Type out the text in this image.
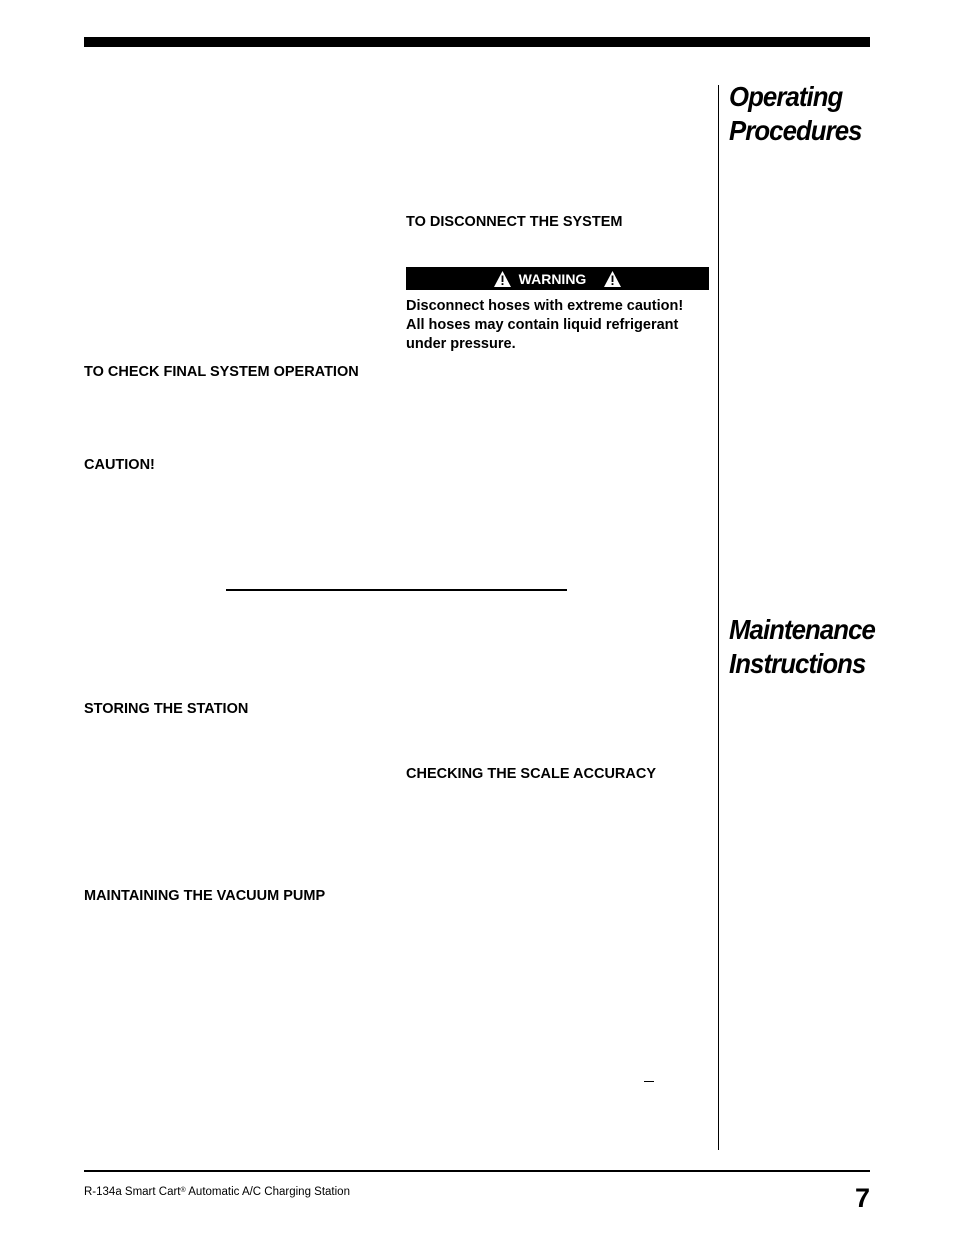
Operating
Procedures
Maintenance
Instructions
TO DISCONNECT THE SYSTEM
WARNING
Disconnect hoses with extreme caution!
All hoses may contain liquid refrigerant
under pressure.
TO CHECK FINAL SYSTEM OPERATION
CAUTION!
STORING THE STATION
CHECKING THE SCALE ACCURACY
MAINTAINING THE VACUUM PUMP
R-134a Smart Cart® Automatic A/C Charging Station	7
